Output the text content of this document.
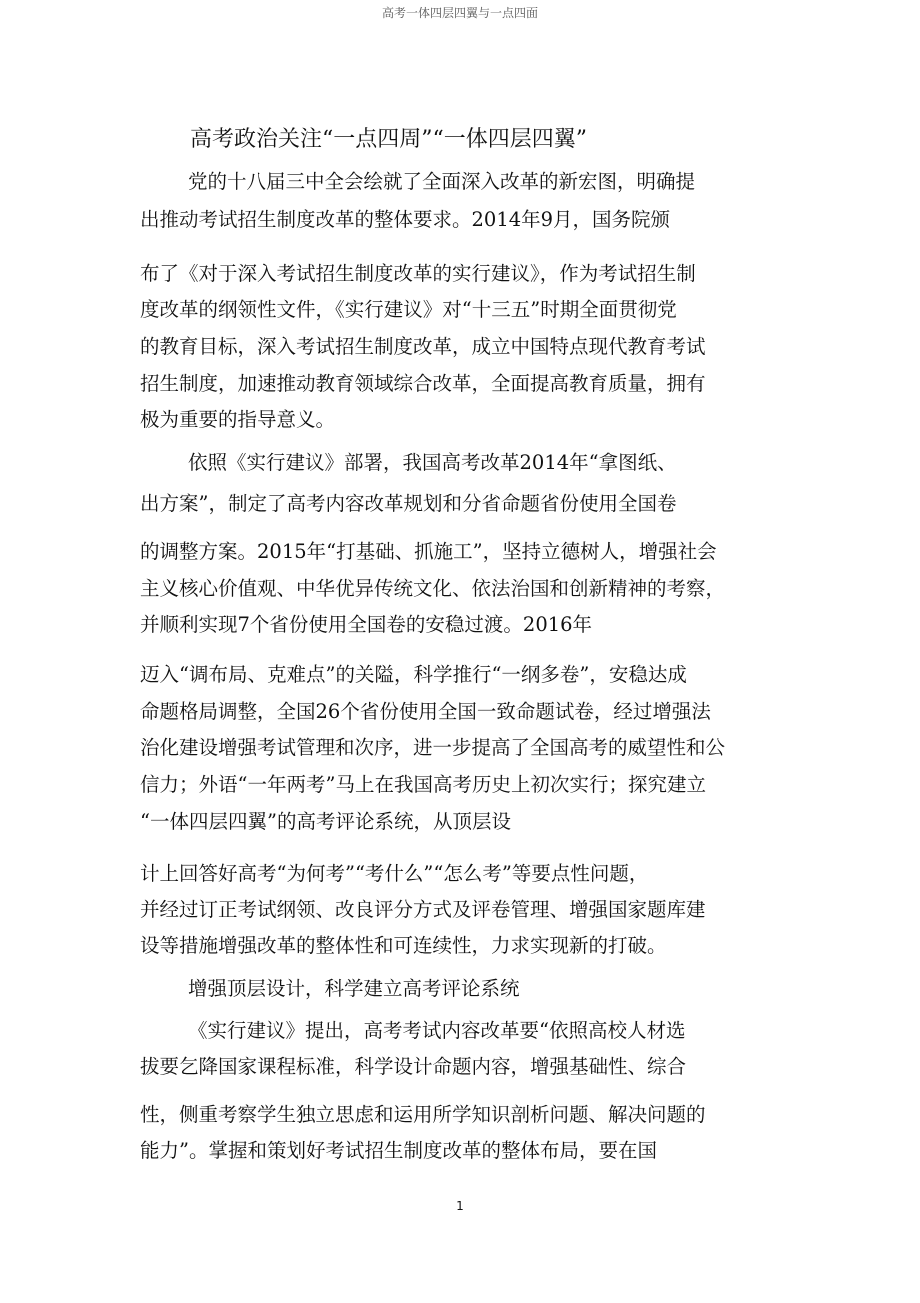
高考一体四层四翼与一点四面
高考政治关注“一点四周”“一体四层四翼”
党的十八届三中全会绘就了全面深入改革的新宏图，明确提
出推动考试招生制度改革的整体要求。2014年9月，国务院颁
布了《对于深入考试招生制度改革的实行建议》，作为考试招生制
度改革的纲领性文件，《实行建议》对“十三五”时期全面贯彻党
的教育目标，深入考试招生制度改革，成立中国特点现代教育考试
招生制度，加速推动教育领域综合改革，全面提高教育质量，拥有
极为重要的指导意义。
依照《实行建议》部署，我国高考改革2014年“拿图纸、
出方案”，制定了高考内容改革规划和分省命题省份使用全国卷
的调整方案。2015年“打基础、抓施工”，坚持立德树人，增强社会
主义核心价值观、中华优异传统文化、依法治国和创新精神的考察，
并顺利实现7个省份使用全国卷的安稳过渡。2016年
迈入“调布局、克难点”的关隘，科学推行“一纲多卷”，安稳达成
命题格局调整，全国26个省份使用全国一致命题试卷，经过增强法
治化建设增强考试管理和次序，进一步提高了全国高考的威望性和公
信力；外语“一年两考”马上在我国高考历史上初次实行；探究建立
“一体四层四翼”的高考评论系统，从顶层设
计上回答好高考“为何考”“考什么”“怎么考”等要点性问题，
并经过订正考试纲领、改良评分方式及评卷管理、增强国家题库建
设等措施增强改革的整体性和可连续性，力求实现新的打破。
增强顶层设计，科学建立高考评论系统
《实行建议》提出，高考考试内容改革要“依照高校人材选
拔要乞降国家课程标准，科学设计命题内容，增强基础性、综合
性，侧重考察学生独立思虑和运用所学知识剖析问题、解决问题的
能力”。掌握和策划好考试招生制度改革的整体布局，要在国
1
